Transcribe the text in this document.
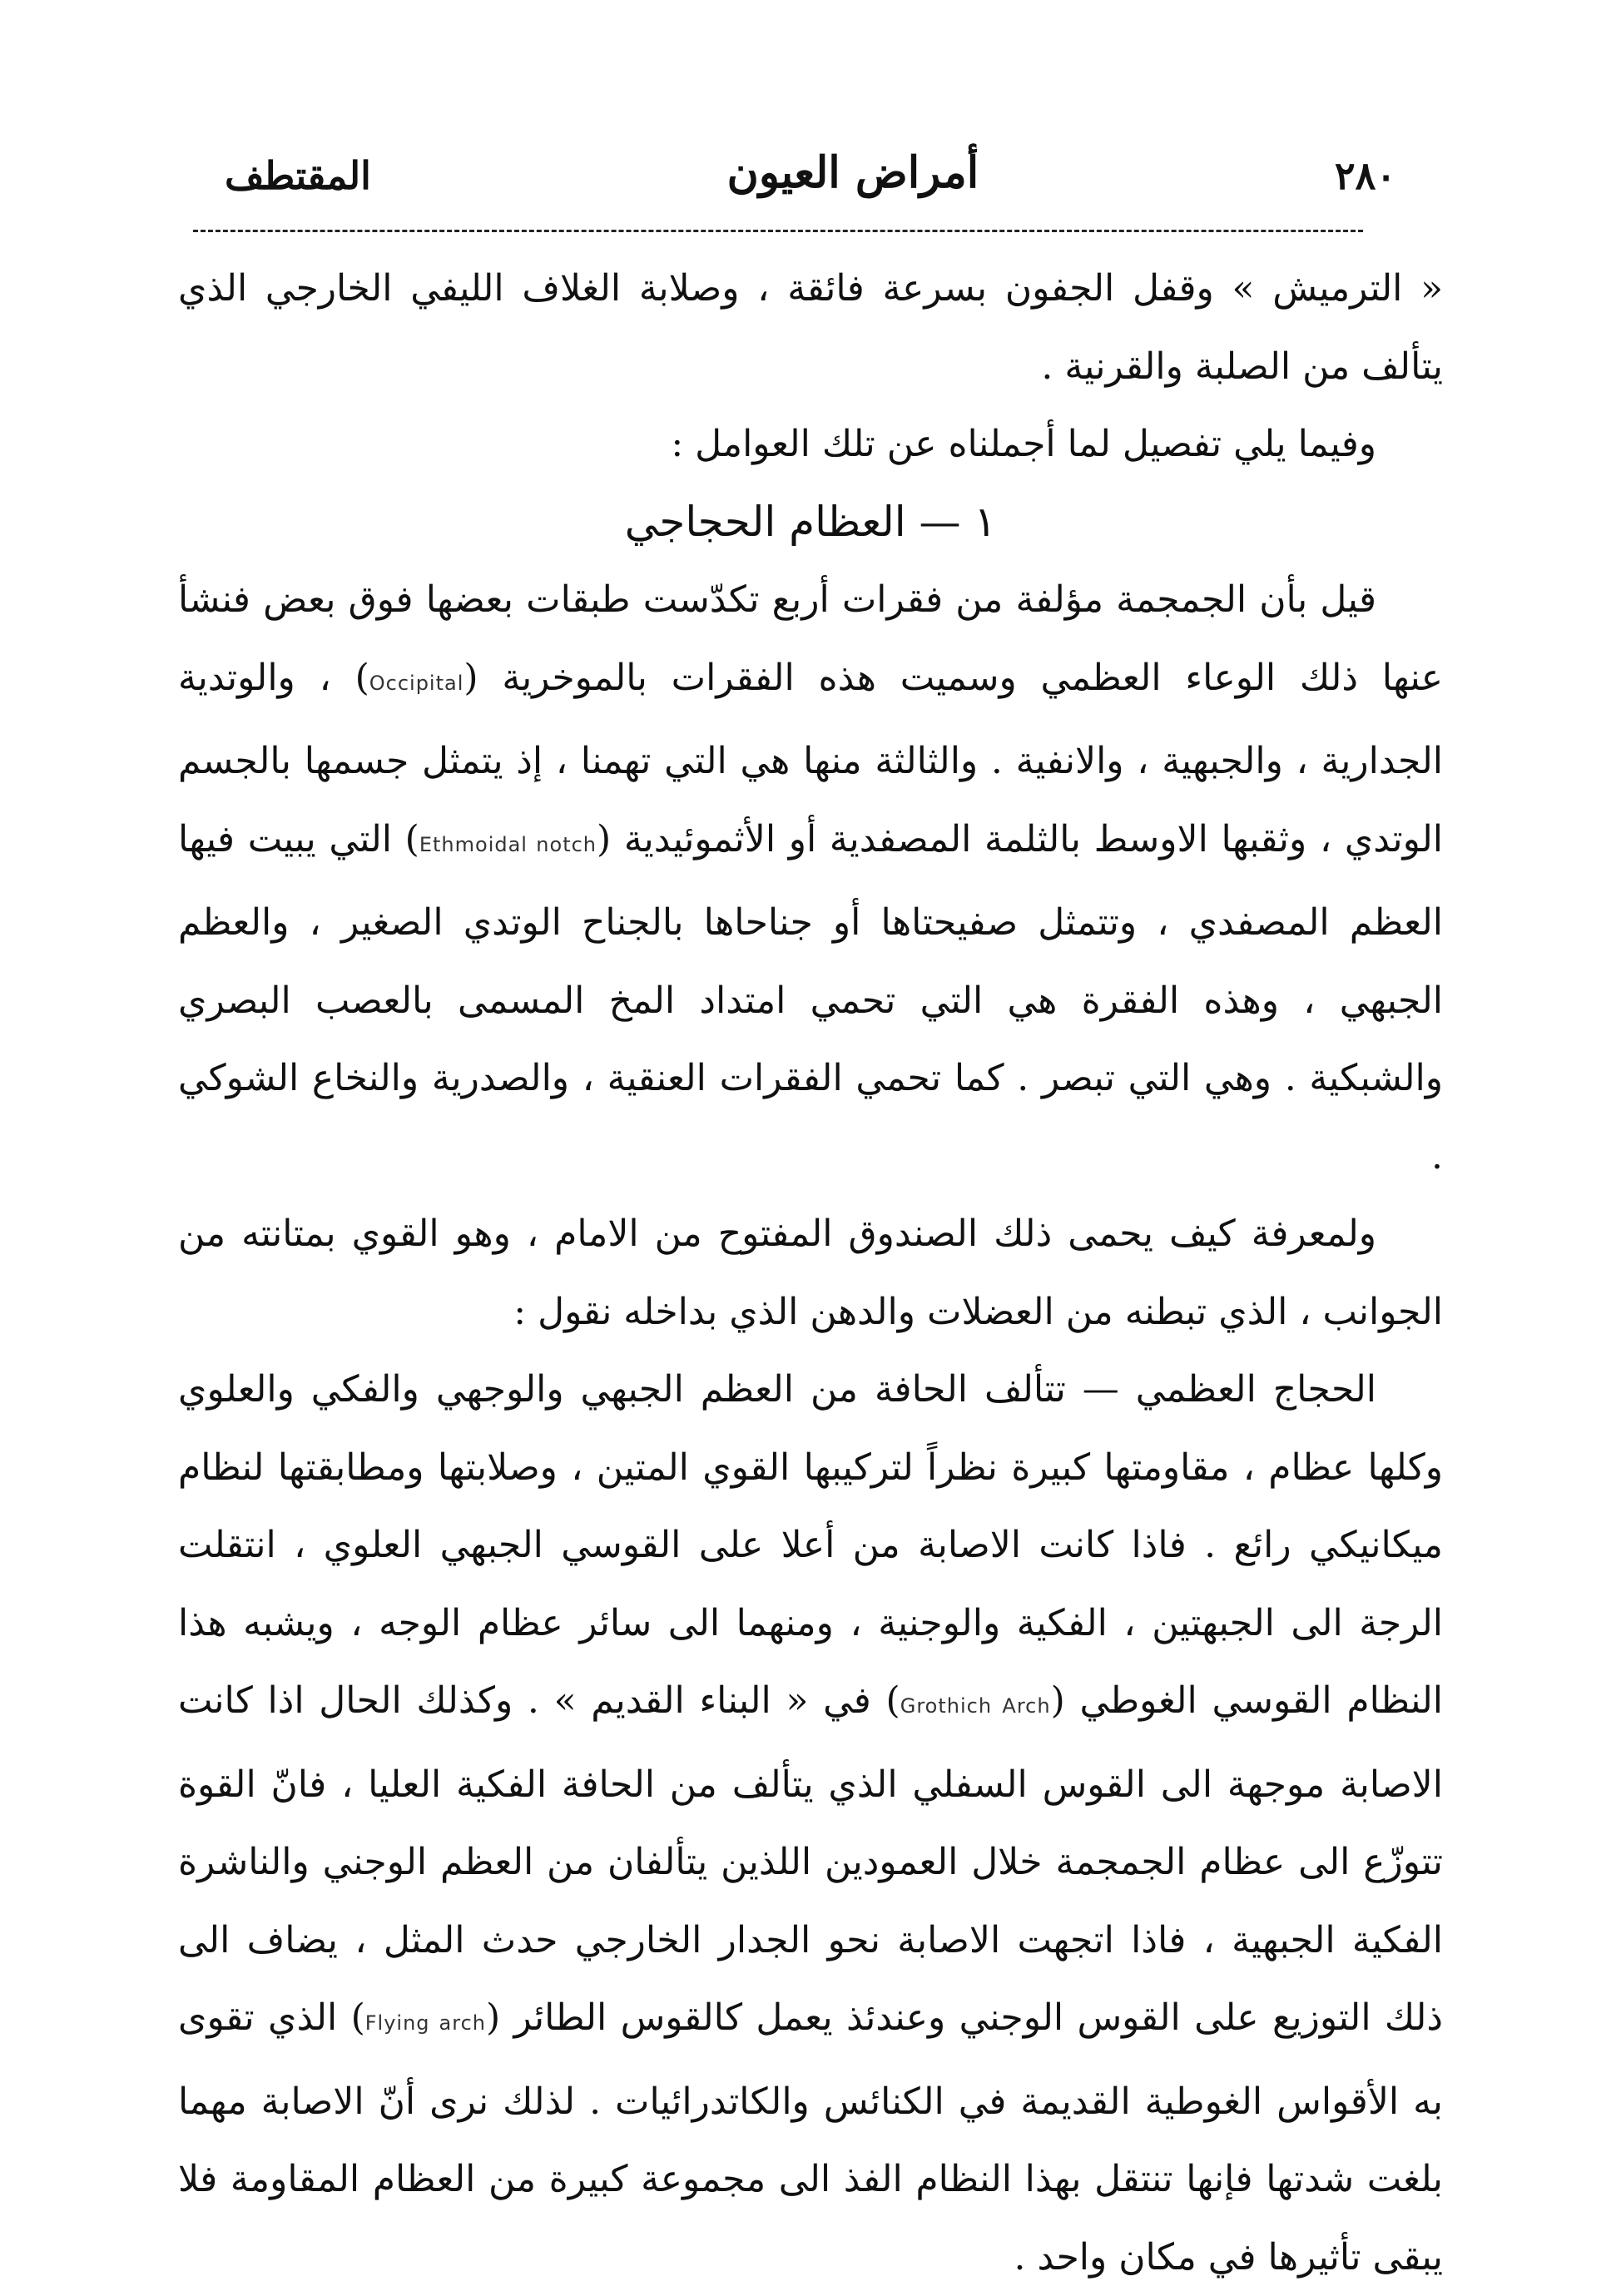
٢٨٠
أمراض العيون
المقتطف

« الترميش » وقفل الجفون بسرعة فائقة ، وصلابة الغلاف الليفي الخارجي الذي يتألف من الصلبة والقرنية .

وفيما يلي تفصيل لما أجملناه عن تلك العوامل :

١ — العظام الحجاجي

قيل بأن الجمجمة مؤلفة من فقرات أربع تكدّست طبقات بعضها فوق بعض فنشأ عنها ذلك الوعاء العظمي وسميت هذه الفقرات بالموخرية (Occipital) ، والوتدية الجدارية ، والجبهية ، والانفية . والثالثة منها هي التي تهمنا ، إذ يتمثل جسمها بالجسم الوتدي ، وثقبها الاوسط بالثلمة المصفدية أو الأثموئيدية (Ethmoidal notch) التي يبيت فيها العظم المصفدي ، وتتمثل صفيحتاها أو جناحاها بالجناح الوتدي الصغير ، والعظم الجبهي ، وهذه الفقرة هي التي تحمي امتداد المخ المسمى بالعصب البصري والشبكية . وهي التي تبصر . كما تحمي الفقرات العنقية ، والصدرية والنخاع الشوكي .

ولمعرفة كيف يحمى ذلك الصندوق المفتوح من الامام ، وهو القوي بمتانته من الجوانب ، الذي تبطنه من العضلات والدهن الذي بداخله نقول :

الحجاج العظمي — تتألف الحافة من العظم الجبهي والوجهي والفكي والعلوي وكلها عظام ، مقاومتها كبيرة نظراً لتركيبها القوي المتين ، وصلابتها ومطابقتها لنظام ميكانيكي رائع . فاذا كانت الاصابة من أعلا على القوسي الجبهي العلوي ، انتقلت الرجة الى الجبهتين ، الفكية والوجنية ، ومنهما الى سائر عظام الوجه ، ويشبه هذا النظام القوسي الغوطي (Grothich Arch) في « البناء القديم » . وكذلك الحال اذا كانت الاصابة موجهة الى القوس السفلي الذي يتألف من الحافة الفكية العليا ، فانّ القوة تتوزّع الى عظام الجمجمة خلال العمودين اللذين يتألفان من العظم الوجني والناشرة الفكية الجبهية ، فاذا اتجهت الاصابة نحو الجدار الخارجي حدث المثل ، يضاف الى ذلك التوزيع على القوس الوجني وعندئذ يعمل كالقوس الطائر (Flying arch) الذي تقوى به الأقواس الغوطية القديمة في الكنائس والكاتدرائيات . لذلك نرى أنّ الاصابة مهما بلغت شدتها فإنها تنتقل بهذا النظام الفذ الى مجموعة كبيرة من العظام المقاومة فلا يبقى تأثيرها في مكان واحد .
